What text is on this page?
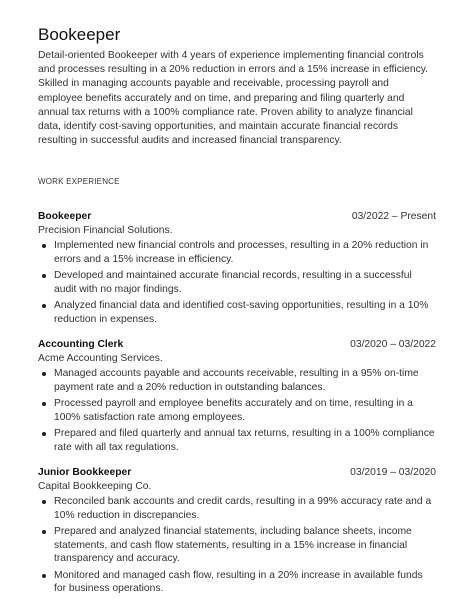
Bookeeper

Detail-oriented Bookeeper with 4 years of experience implementing financial controls and processes resulting in a 20% reduction in errors and a 15% increase in efficiency. Skilled in managing accounts payable and receivable, processing payroll and employee benefits accurately and on time, and preparing and filing quarterly and annual tax returns with a 100% compliance rate. Proven ability to analyze financial data, identify cost-saving opportunities, and maintain accurate financial records resulting in successful audits and increased financial transparency.

WORK EXPERIENCE
Bookeeper	03/2022 – Present
Precision Financial Solutions.
Implemented new financial controls and processes, resulting in a 20% reduction in errors and a 15% increase in efficiency.
Developed and maintained accurate financial records, resulting in a successful audit with no major findings.
Analyzed financial data and identified cost-saving opportunities, resulting in a 10% reduction in expenses.
Accounting Clerk	03/2020 – 03/2022
Acme Accounting Services.
Managed accounts payable and accounts receivable, resulting in a 95% on-time payment rate and a 20% reduction in outstanding balances.
Processed payroll and employee benefits accurately and on time, resulting in a 100% satisfaction rate among employees.
Prepared and filed quarterly and annual tax returns, resulting in a 100% compliance rate with all tax regulations.
Junior Bookkeeper	03/2019 – 03/2020
Capital Bookkeeping Co.
Reconciled bank accounts and credit cards, resulting in a 99% accuracy rate and a 10% reduction in discrepancies.
Prepared and analyzed financial statements, including balance sheets, income statements, and cash flow statements, resulting in a 15% increase in financial transparency and accuracy.
Monitored and managed cash flow, resulting in a 20% increase in available funds for business operations.
